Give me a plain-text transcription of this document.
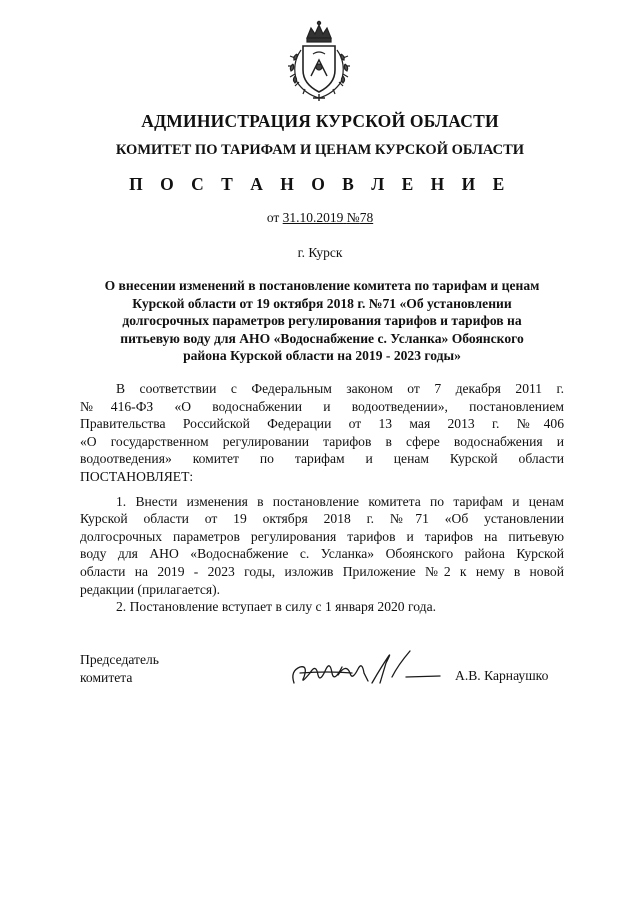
АДМИНИСТРАЦИЯ КУРСКОЙ ОБЛАСТИ
КОМИТЕТ ПО ТАРИФАМ И ЦЕНАМ КУРСКОЙ ОБЛАСТИ
П О С Т А Н О В Л Е Н И Е
от 31.10.2019 №78
г. Курск
О внесении изменений в постановление комитета по тарифам и ценам
Курской области от 19 октября 2018 г. №71 «Об установлении
долгосрочных параметров регулирования тарифов и тарифов на
питьевую воду для АНО «Водоснабжение с. Усланка» Обоянского
района Курской области на 2019 - 2023 годы»
В соответствии с Федеральным законом от 7 декабря 2011 г.
№416-ФЗ «О водоснабжении и водоотведении», постановлением
Правительства Российской Федерации от 13 мая 2013 г. №406
«О государственном регулировании тарифов в сфере водоснабжения и
водоотведения» комитет по тарифам и ценам Курской области
ПОСТАНОВЛЯЕТ:
1. Внести изменения в постановление комитета по тарифам и ценам
Курской области от 19 октября 2018 г. №71 «Об установлении
долгосрочных параметров регулирования тарифов и тарифов на питьевую
воду для АНО «Водоснабжение с. Усланка» Обоянского района Курской
области на 2019 - 2023 годы, изложив Приложение №2 к нему в новой
редакции (прилагается).
2. Постановление вступает в силу с 1 января 2020 года.
Председатель
комитета	А.В. Карнаушко
